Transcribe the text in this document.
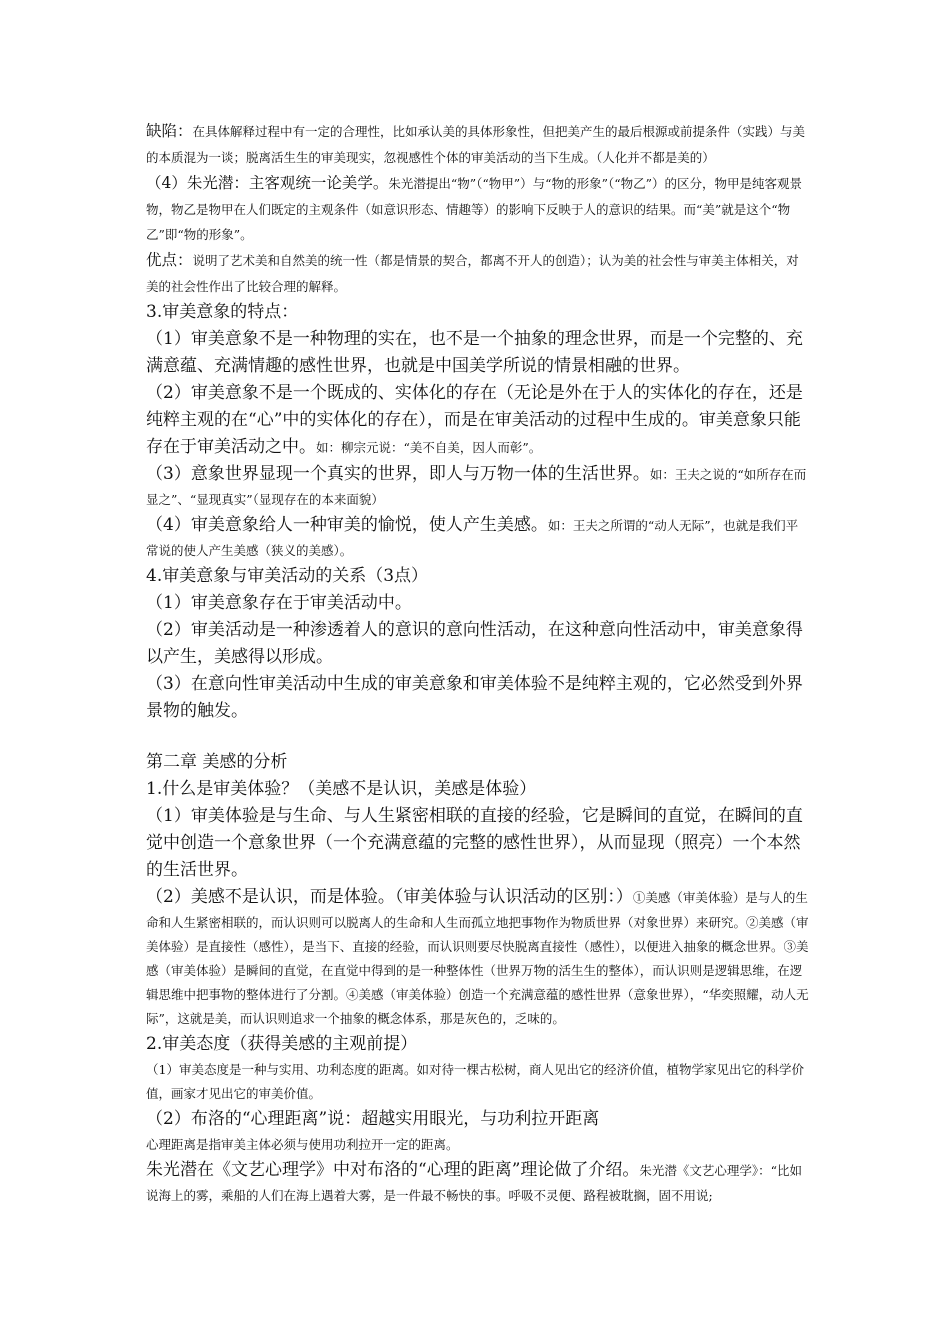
缺陷：在具体解释过程中有一定的合理性，比如承认美的具体形象性，但把美产生的最后根源或前提条件（实践）与美的本质混为一谈；脱离活生生的审美现实，忽视感性个体的审美活动的当下生成。（人化并不都是美的）

（4）朱光潜：主客观统一论美学。朱光潜提出“物”（“物甲”）与“物的形象”（“物乙”）的区分，物甲是纯客观景物，物乙是物甲在人们既定的主观条件（如意识形态、情趣等）的影响下反映于人的意识的结果。而“美”就是这个“物乙”即“物的形象”。

优点：说明了艺术美和自然美的统一性（都是情景的契合，都离不开人的创造）；认为美的社会性与审美主体相关，对美的社会性作出了比较合理的解释。

3.审美意象的特点：

（1）审美意象不是一种物理的实在，也不是一个抽象的理念世界，而是一个完整的、充满意蕴、充满情趣的感性世界，也就是中国美学所说的情景相融的世界。

（2）审美意象不是一个既成的、实体化的存在（无论是外在于人的实体化的存在，还是纯粹主观的在“心”中的实体化的存在），而是在审美活动的过程中生成的。审美意象只能存在于审美活动之中。如：柳宗元说：“美不自美，因人而彰”。

（3）意象世界显现一个真实的世界，即人与万物一体的生活世界。如：王夫之说的“如所存在而显之”、“显现真实”（显现存在的本来面貌）

（4）审美意象给人一种审美的愉悦，使人产生美感。如：王夫之所谓的“动人无际”，也就是我们平常说的使人产生美感（狭义的美感）。

4.审美意象与审美活动的关系（3点）

（1）审美意象存在于审美活动中。

（2）审美活动是一种渗透着人的意识的意向性活动，在这种意向性活动中，审美意象得以产生，美感得以形成。

（3）在意向性审美活动中生成的审美意象和审美体验不是纯粹主观的，它必然受到外界景物的触发。

第二章 美感的分析

1.什么是审美体验？（美感不是认识，美感是体验）

（1）审美体验是与生命、与人生紧密相联的直接的经验，它是瞬间的直觉，在瞬间的直觉中创造一个意象世界（一个充满意蕴的完整的感性世界），从而显现（照亮）一个本然的生活世界。

（2）美感不是认识，而是体验。（审美体验与认识活动的区别：）①美感（审美体验）是与人的生命和人生紧密相联的，而认识则可以脱离人的生命和人生而孤立地把事物作为物质世界（对象世界）来研究。②美感（审美体验）是直接性（感性），是当下、直接的经验，而认识则要尽快脱离直接性（感性），以便进入抽象的概念世界。③美感（审美体验）是瞬间的直觉，在直觉中得到的是一种整体性（世界万物的活生生的整体），而认识则是逻辑思维，在逻辑思维中把事物的整体进行了分割。④美感（审美体验）创造一个充满意蕴的感性世界（意象世界），“华奕照耀，动人无际”，这就是美，而认识则追求一个抽象的概念体系，那是灰色的，乏味的。

2.审美态度（获得美感的主观前提）

（1）审美态度是一种与实用、功利态度的距离。如对待一棵古松树，商人见出它的经济价值，植物学家见出它的科学价值，画家才见出它的审美价值。

（2）布洛的“心理距离”说：超越实用眼光，与功利拉开距离

心理距离是指审美主体必须与使用功利拉开一定的距离。

朱光潜在《文艺心理学》中对布洛的“心理的距离”理论做了介绍。朱光潜《文艺心理学》：“比如说海上的雾，乘船的人们在海上遇着大雾，是一件最不畅快的事。呼吸不灵便、路程被耽搁，固不用说;
